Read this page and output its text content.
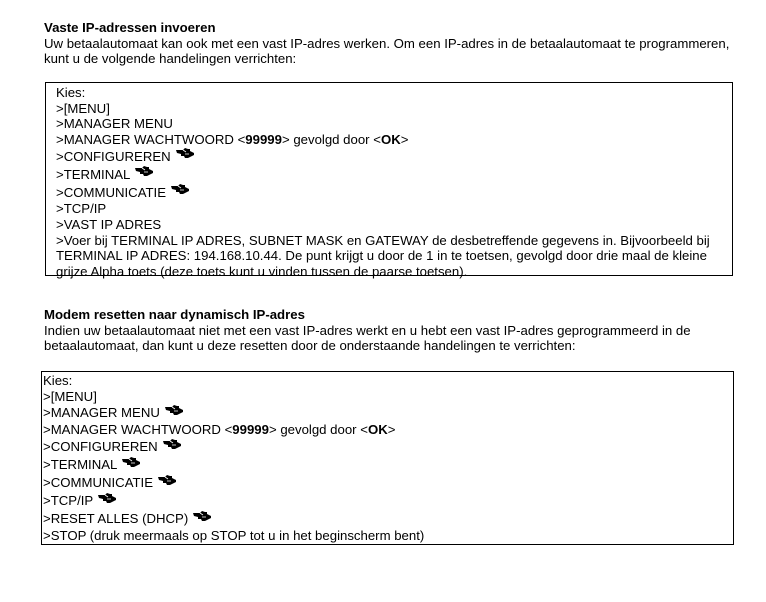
Vaste IP-adressen invoeren

Uw betaalautomaat kan ook met een vast IP-adres werken. Om een IP-adres in de betaalautomaat te programmeren, kunt u de volgende handelingen verrichten:

Kies:
>[MENU]
>MANAGER MENU
>MANAGER WACHTWOORD < 99999 > gevolgd door < OK >
>CONFIGUREREN
>TERMINAL
>COMMUNICATIE
>TCP/IP
>VAST IP ADRES
>Voer bij TERMINAL IP ADRES, SUBNET MASK en GATEWAY de desbetreffende gegevens in. Bijvoorbeeld bij TERMINAL IP ADRES: 194.168.10.44. De punt krijgt u door de 1 in te toetsen, gevolgd door drie maal de kleine grijze Alpha toets (deze toets kunt u vinden tussen de paarse toetsen).
Modem resetten naar dynamisch IP-adres

Indien uw betaalautomaat niet met een vast IP-adres werkt en u hebt een vast IP-adres geprogrammeerd in de betaalautomaat, dan kunt u deze resetten door de onderstaande handelingen te verrichten:

Kies:
>[MENU]
>MANAGER MENU
>MANAGER WACHTWOORD < 99999 > gevolgd door < OK >
>CONFIGUREREN
>TERMINAL
>COMMUNICATIE
>TCP/IP
>RESET ALLES (DHCP)
>STOP (druk meermaals op STOP tot u in het beginscherm bent)
